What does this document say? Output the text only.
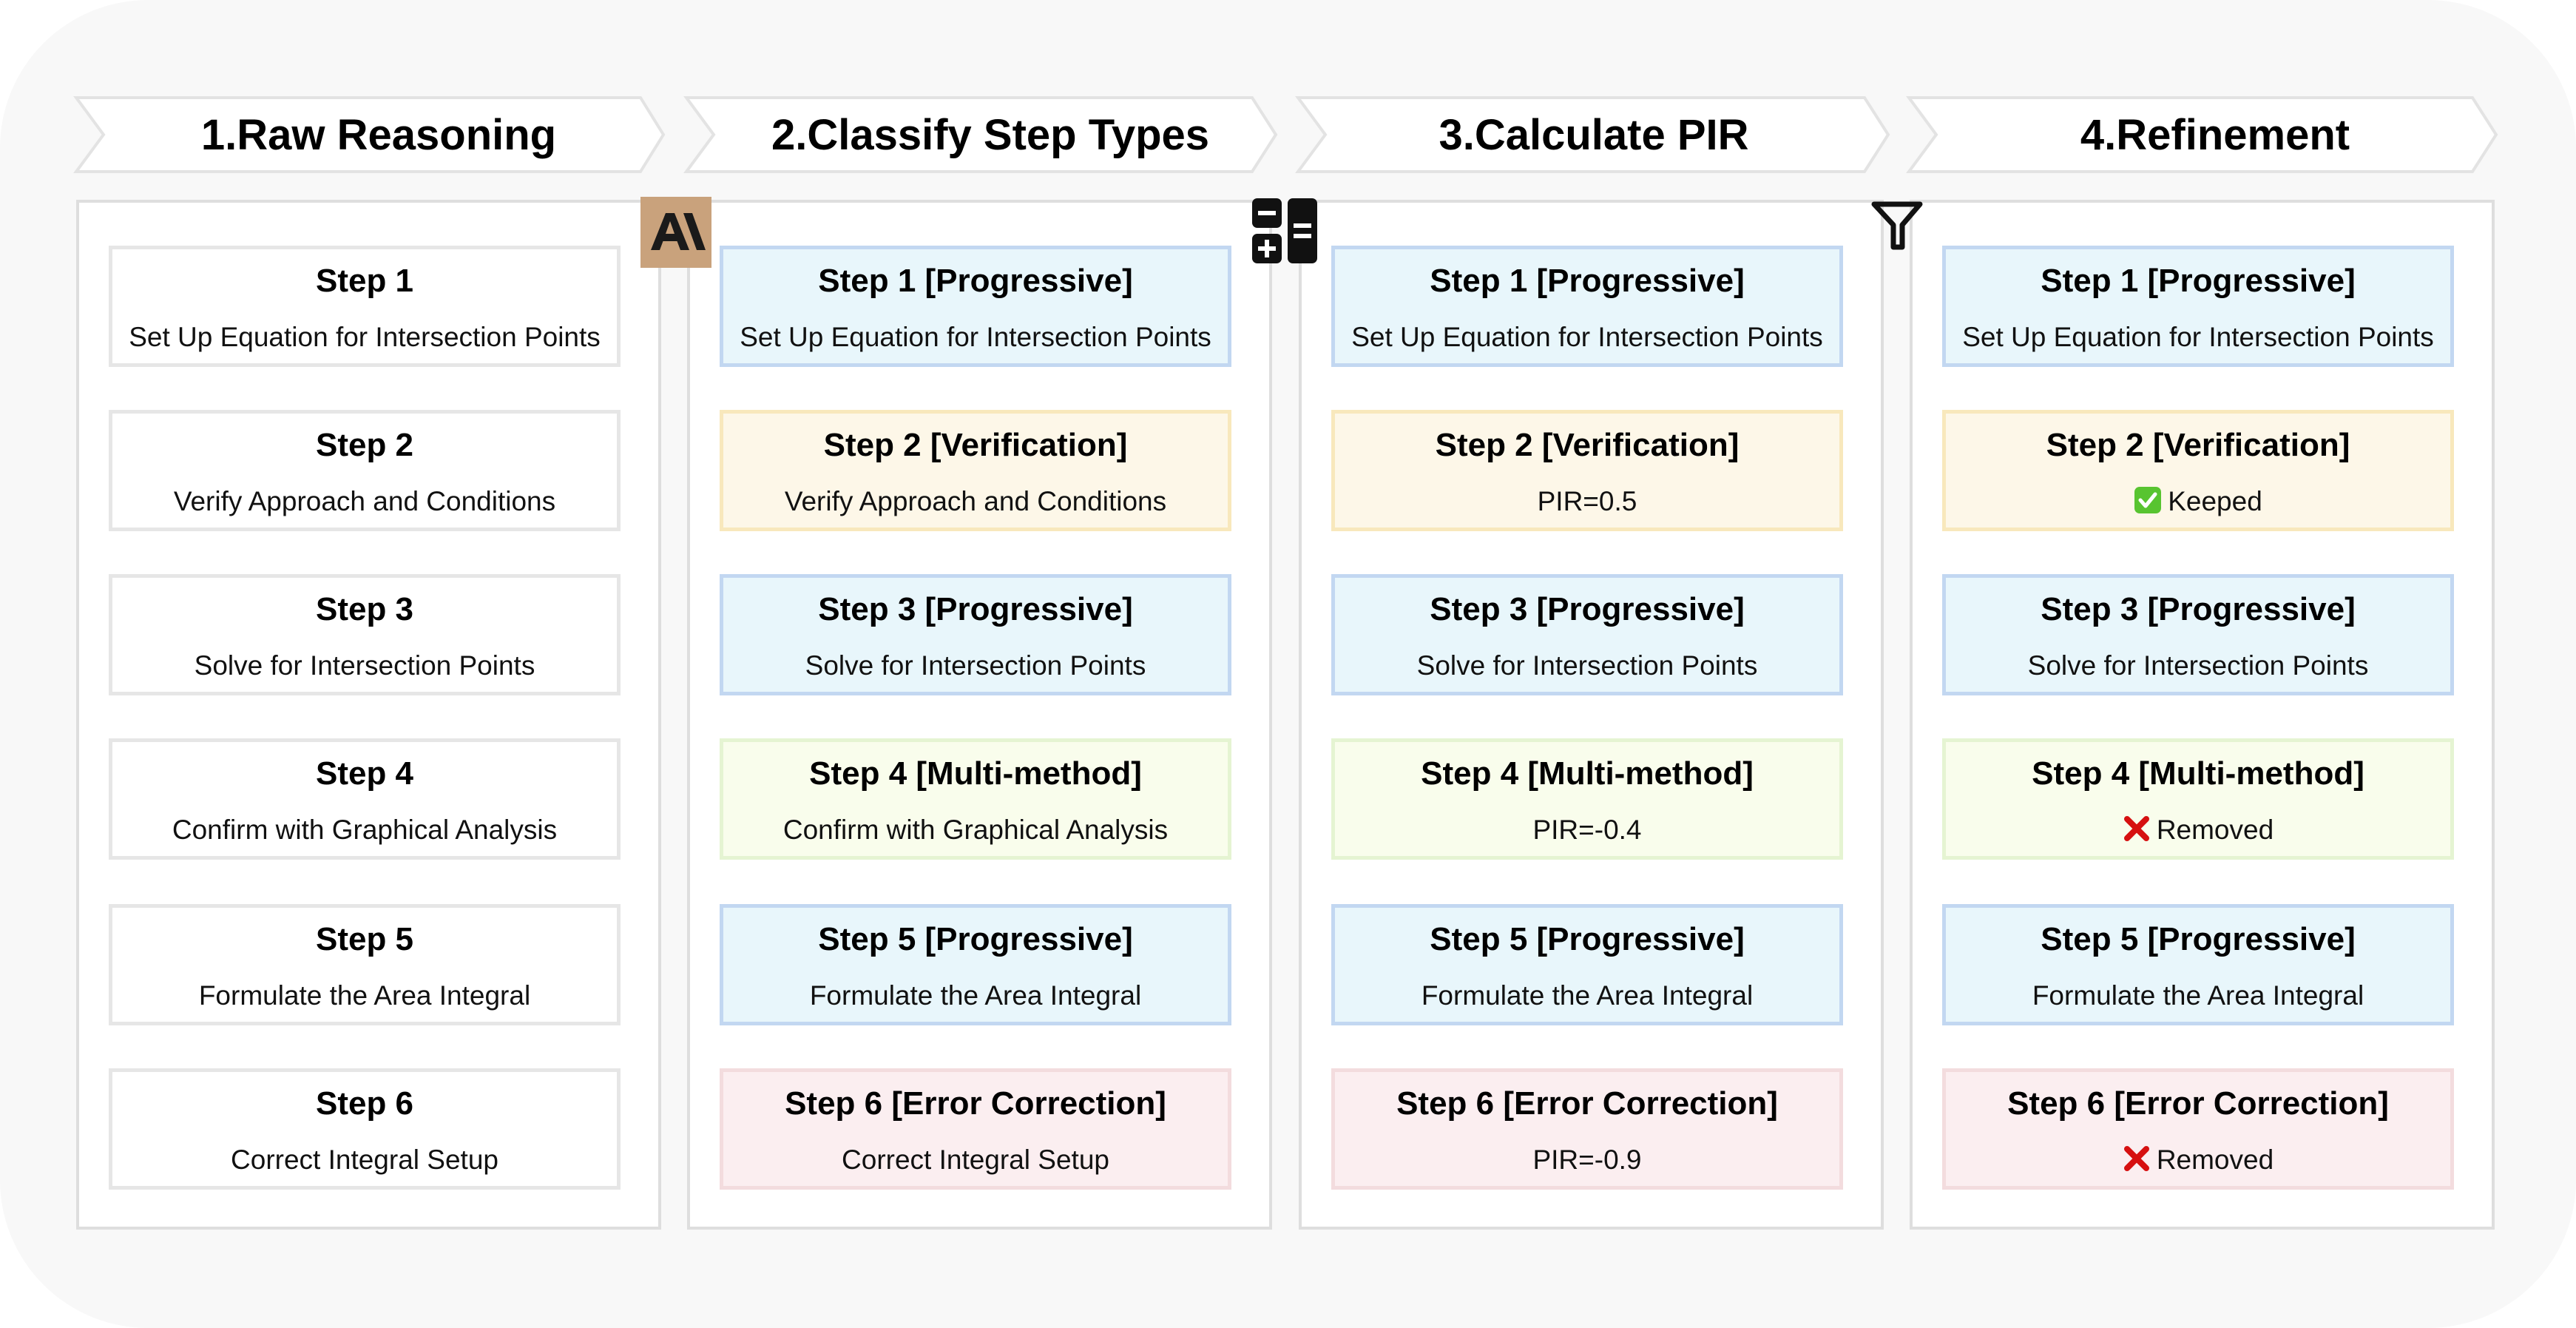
1.Raw Reasoning	2.Classify Step Types	3.Calculate PIR	4.Refinement
Step 1
Set Up Equation for Intersection Points
Step 2
Verify Approach and Conditions
Step 3
Solve for Intersection Points
Step 4
Confirm with Graphical Analysis
Step 5
Formulate the Area Integral
Step 6
Correct Integral Setup
Step 1 [Progressive]
Set Up Equation for Intersection Points
Step 2 [Verification]
Verify Approach and Conditions
Step 3 [Progressive]
Solve for Intersection Points
Step 4 [Multi-method]
Confirm with Graphical Analysis
Step 5 [Progressive]
Formulate the Area Integral
Step 6 [Error Correction]
Correct Integral Setup
Step 1 [Progressive]
Set Up Equation for Intersection Points
Step 2 [Verification]
PIR=0.5
Step 3 [Progressive]
Solve for Intersection Points
Step 4 [Multi-method]
PIR=-0.4
Step 5 [Progressive]
Formulate the Area Integral
Step 6 [Error Correction]
PIR=-0.9
Step 1 [Progressive]
Set Up Equation for Intersection Points
Step 2 [Verification]
Keeped
Step 3 [Progressive]
Solve for Intersection Points
Step 4 [Multi-method]
Removed
Step 5 [Progressive]
Formulate the Area Integral
Step 6 [Error Correction]
Removed
